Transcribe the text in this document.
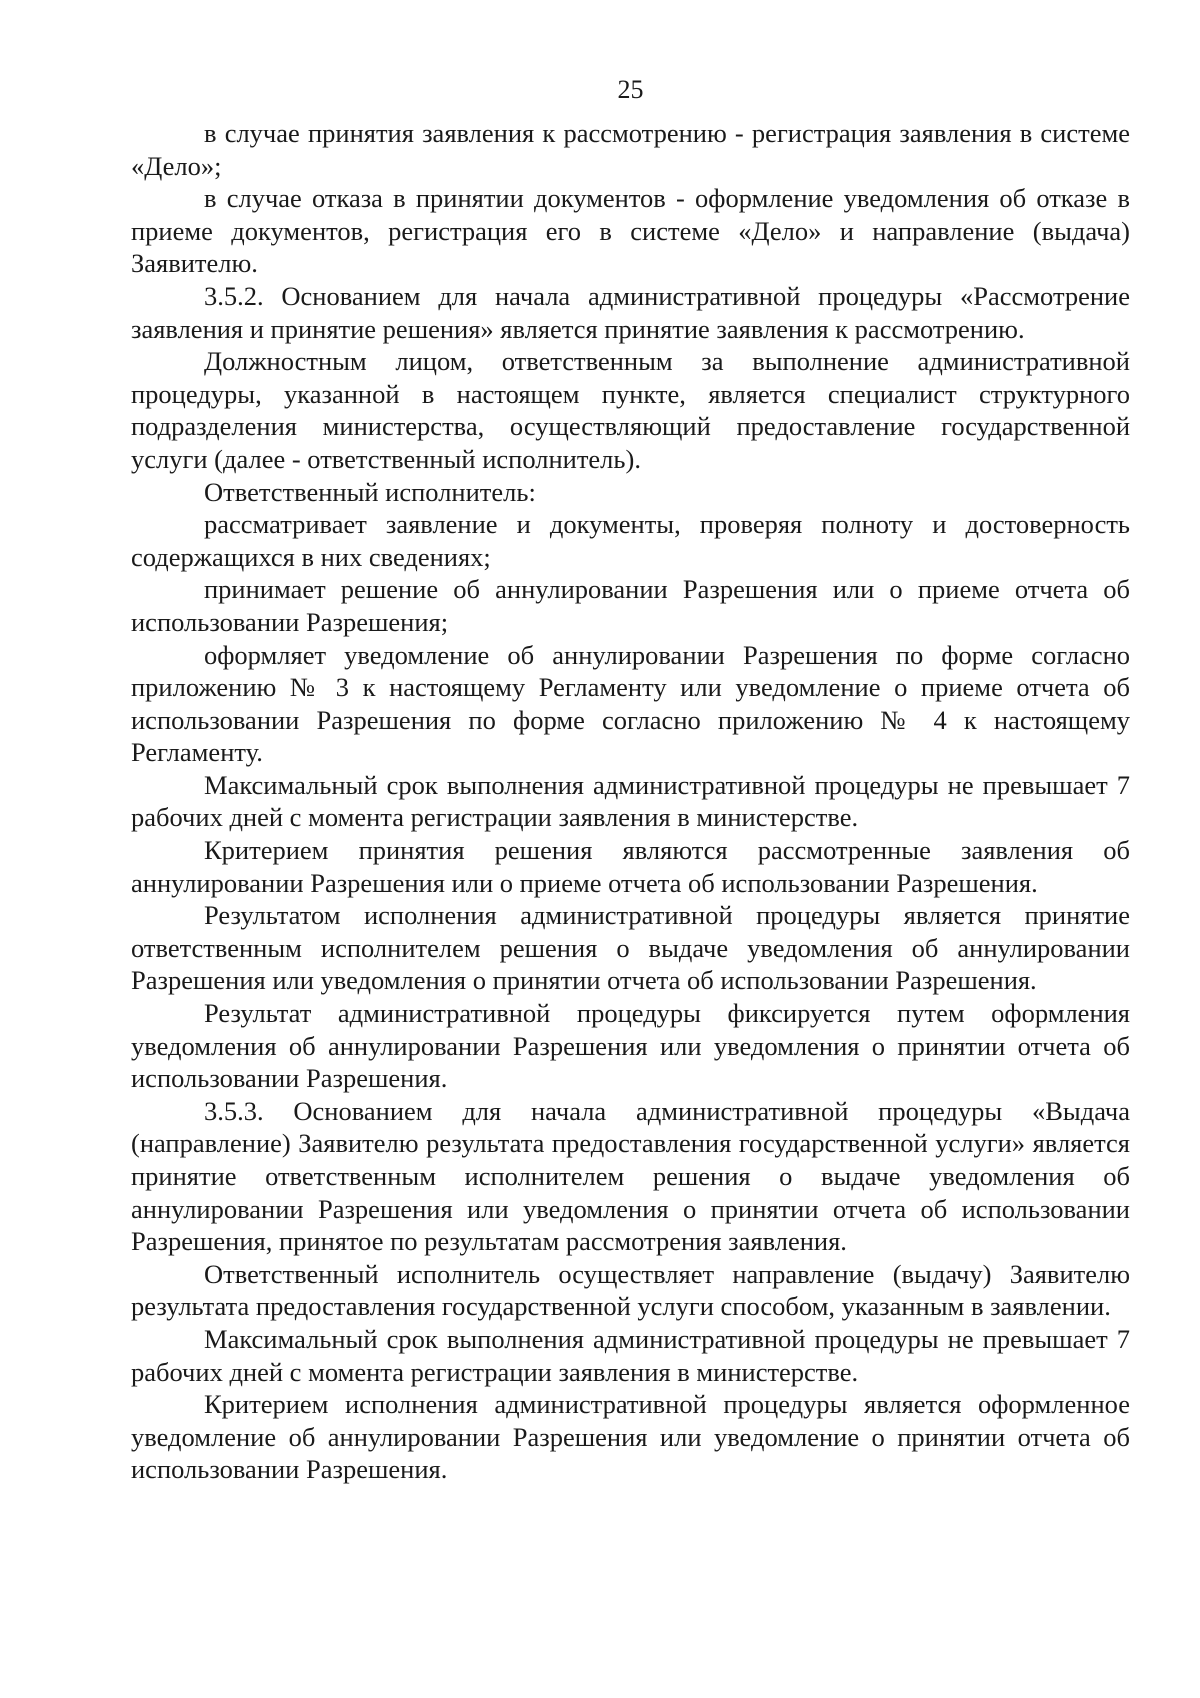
25

в случае принятия заявления к рассмотрению - регистрация заявления в системе «Дело»;

в случае отказа в принятии документов - оформление уведомления об отказе в приеме документов, регистрация его в системе «Дело» и направление (выдача) Заявителю.

3.5.2. Основанием для начала административной процедуры «Рассмотрение заявления и принятие решения» является принятие заявления к рассмотрению.

Должностным лицом, ответственным за выполнение административной процедуры, указанной в настоящем пункте, является специалист структурного подразделения министерства, осуществляющий предоставление государственной услуги (далее - ответственный исполнитель).

Ответственный исполнитель:

рассматривает заявление и документы, проверяя полноту и достоверность содержащихся в них сведениях;

принимает решение об аннулировании Разрешения или о приеме отчета об использовании Разрешения;

оформляет уведомление об аннулировании Разрешения по форме согласно приложению № 3 к настоящему Регламенту или уведомление о приеме отчета об использовании Разрешения по форме согласно приложению № 4 к настоящему Регламенту.

Максимальный срок выполнения административной процедуры не превышает 7 рабочих дней с момента регистрации заявления в министерстве.

Критерием принятия решения являются рассмотренные заявления об аннулировании Разрешения или о приеме отчета об использовании Разрешения.

Результатом исполнения административной процедуры является принятие ответственным исполнителем решения о выдаче уведомления об аннулировании Разрешения или уведомления о принятии отчета об использовании Разрешения.

Результат административной процедуры фиксируется путем оформления уведомления об аннулировании Разрешения или уведомления о принятии отчета об использовании Разрешения.

3.5.3. Основанием для начала административной процедуры «Выдача (направление) Заявителю результата предоставления государственной услуги» является принятие ответственным исполнителем решения о выдаче уведомления об аннулировании Разрешения или уведомления о принятии отчета об использовании Разрешения, принятое по результатам рассмотрения заявления.

Ответственный исполнитель осуществляет направление (выдачу) Заявителю результата предоставления государственной услуги способом, указанным в заявлении.

Максимальный срок выполнения административной процедуры не превышает 7 рабочих дней с момента регистрации заявления в министерстве.

Критерием исполнения административной процедуры является оформленное уведомление об аннулировании Разрешения или уведомление о принятии отчета об использовании Разрешения.
